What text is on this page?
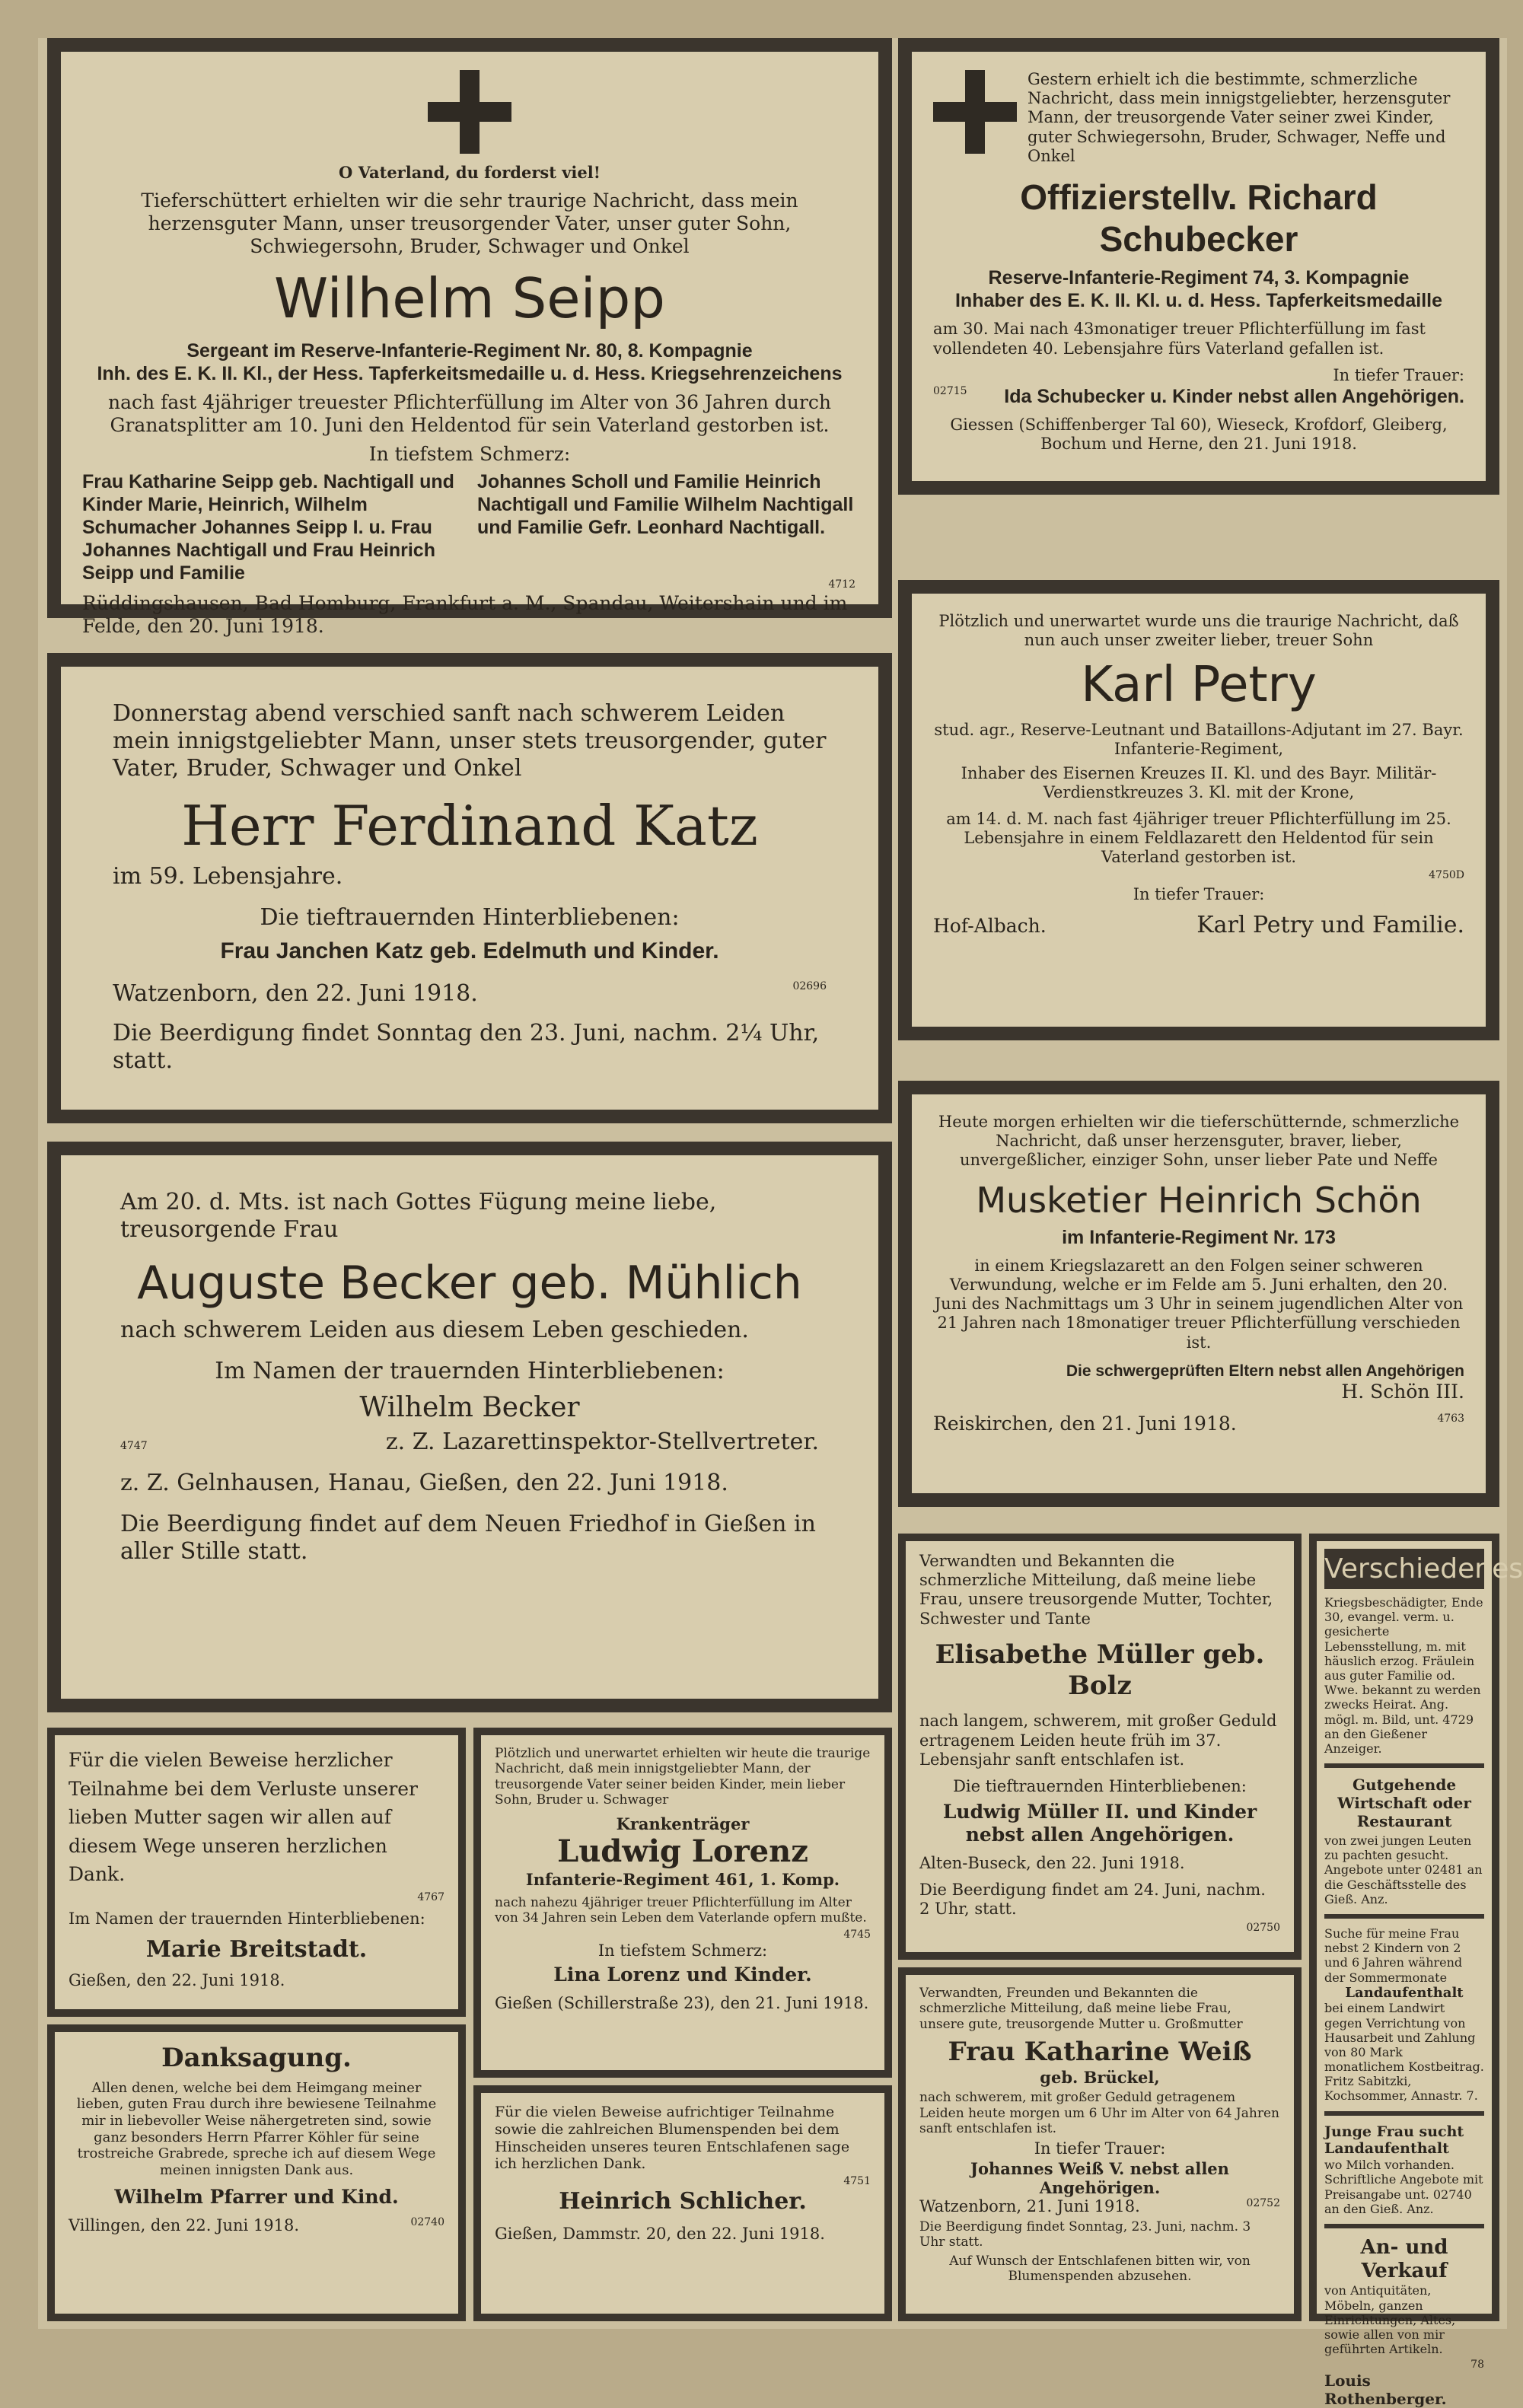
O Vaterland, du forderst viel!

Tieferschüttert erhielten wir die sehr traurige Nachricht, dass mein herzensguter Mann, unser treusorgender Vater, unser guter Sohn, Schwiegersohn, Bruder, Schwager und Onkel

Wilhelm Seipp

Sergeant im Reserve-Infanterie-Regiment Nr. 80, 8. Kompagnie

Inh. des E. K. II. Kl., der Hess. Tapferkeitsmedaille u. d. Hess. Kriegsehrenzeichens

nach fast 4jähriger treuester Pflichterfüllung im Alter von 36 Jahren durch Granatsplitter am 10. Juni den Heldentod für sein Vaterland gestorben ist.

In tiefstem Schmerz:

Frau Katharine Seipp geb. Nachtigall und Kinder Marie, Heinrich, Wilhelm Schumacher Johannes Seipp I. u. Frau Johannes Nachtigall und Frau Heinrich Seipp und Familie
Johannes Scholl und Familie Heinrich Nachtigall und Familie Wilhelm Nachtigall und Familie Gefr. Leonhard Nachtigall.

Rüddingshausen, Bad Homburg, Frankfurt a. M., Spandau, Weitershain und im Felde, den 20. Juni 1918.

4712

Gestern erhielt ich die bestimmte, schmerzliche Nachricht, dass mein innigstgeliebter, herzensguter Mann, der treusorgende Vater seiner zwei Kinder, guter Schwiegersohn, Bruder, Schwager, Neffe und Onkel

Offizierstellv. Richard Schubecker

Reserve-Infanterie-Regiment 74, 3. Kompagnie

Inhaber des E. K. II. Kl. u. d. Hess. Tapferkeitsmedaille

am 30. Mai nach 43monatiger treuer Pflichterfüllung im fast vollendeten 40. Lebensjahre fürs Vaterland gefallen ist.

In tiefer Trauer:

02715 Ida Schubecker u. Kinder nebst allen Angehörigen.

Giessen (Schiffenberger Tal 60), Wieseck, Krofdorf, Gleiberg, Bochum und Herne, den 21. Juni 1918.

Plötzlich und unerwartet wurde uns die traurige Nachricht, daß nun auch unser zweiter lieber, treuer Sohn

Karl Petry

stud. agr., Reserve-Leutnant und Bataillons-Adjutant im 27. Bayr. Infanterie-Regiment,

Inhaber des Eisernen Kreuzes II. Kl. und des Bayr. Militär-Verdienstkreuzes 3. Kl. mit der Krone,

am 14. d. M. nach fast 4jähriger treuer Pflichterfüllung im 25. Lebensjahre in einem Feldlazarett den Heldentod für sein Vaterland gestorben ist.

4750D

In tiefer Trauer:

Hof-Albach.	Karl Petry und Familie.

Donnerstag abend verschied sanft nach schwerem Leiden mein innigstgeliebter Mann, unser stets treusorgender, guter Vater, Bruder, Schwager und Onkel

Herr Ferdinand Katz

im 59. Lebensjahre.

Die tieftrauernden Hinterbliebenen:

Frau Janchen Katz geb. Edelmuth und Kinder.

Watzenborn, den 22. Juni 1918.	02696

Die Beerdigung findet Sonntag den 23. Juni, nachm. 2¼ Uhr, statt.

Heute morgen erhielten wir die tieferschütternde, schmerzliche Nachricht, daß unser herzensguter, braver, lieber, unvergeßlicher, einziger Sohn, unser lieber Pate und Neffe

Musketier Heinrich Schön

im Infanterie-Regiment Nr. 173

in einem Kriegslazarett an den Folgen seiner schweren Verwundung, welche er im Felde am 5. Juni erhalten, den 20. Juni des Nachmittags um 3 Uhr in seinem jugendlichen Alter von 21 Jahren nach 18monatiger treuer Pflichterfüllung verschieden ist.

Die schwergeprüften Eltern nebst allen Angehörigen

H. Schön III.

Reiskirchen, den 21. Juni 1918.	4763

Am 20. d. Mts. ist nach Gottes Fügung meine liebe, treusorgende Frau

Auguste Becker geb. Mühlich

nach schwerem Leiden aus diesem Leben geschieden.

Im Namen der trauernden Hinterbliebenen:

Wilhelm Becker

4747	z. Z. Lazarettinspektor-Stellvertreter.

z. Z. Gelnhausen, Hanau, Gießen, den 22. Juni 1918.

Die Beerdigung findet auf dem Neuen Friedhof in Gießen in aller Stille statt.	Verwandten und Bekannten die schmerzliche Mitteilung, daß meine liebe Frau, unsere treusorgende Mutter, Tochter, Schwester und Tante

Elisabethe Müller geb. Bolz

nach langem, schwerem, mit großer Geduld ertragenem Leiden heute früh im 37. Lebensjahr sanft entschlafen ist.

Die tieftrauernden Hinterbliebenen:

Ludwig Müller II. und Kinder nebst allen Angehörigen.

Alten-Buseck, den 22. Juni 1918.

Die Beerdigung findet am 24. Juni, nachm. 2 Uhr, statt.

02750
Verschiedenes

Kriegsbeschädigter, Ende 30, evangel. verm. u. gesicherte Lebensstellung, m. mit häuslich erzog. Fräulein aus guter Familie od. Wwe. bekannt zu werden zwecks Heirat. Ang. mögl. m. Bild, unt. 4729 an den Gießener Anzeiger.

Gutgehende Wirtschaft oder Restaurant

von zwei jungen Leuten zu pachten gesucht. Angebote unter 02481 an die Geschäftsstelle des Gieß. Anz.

Suche für meine Frau nebst 2 Kindern von 2 und 6 Jahren während der Sommermonate

Landaufenthalt

bei einem Landwirt gegen Verrichtung von Hausarbeit und Zahlung von 80 Mark monatlichem Kostbeitrag. Fritz Sabitzki, Kochsommer, Annastr. 7.

Junge Frau sucht Landaufenthalt

wo Milch vorhanden. Schriftliche Angebote mit Preisangabe unt. 02740 an den Gieß. Anz.

An- und Verkauf

von Antiquitäten, Möbeln, ganzen Einrichtungen, Altes, sowie allen von mir geführten Artikeln.

78

Louis Rothenberger.

Für die vielen Beweise herzlicher Teilnahme bei dem Verluste unserer lieben Mutter sagen wir allen auf diesem Wege unseren herzlichen Dank.

4767

Im Namen der trauernden Hinterbliebenen:

Marie Breitstadt.

Gießen, den 22. Juni 1918.

Plötzlich und unerwartet erhielten wir heute die traurige Nachricht, daß mein innigstgeliebter Mann, der treusorgende Vater seiner beiden Kinder, mein lieber Sohn, Bruder u. Schwager

Krankenträger

Ludwig Lorenz

Infanterie-Regiment 461, 1. Komp.

nach nahezu 4jähriger treuer Pflichterfüllung im Alter von 34 Jahren sein Leben dem Vaterlande opfern mußte.

4745

In tiefstem Schmerz:

Lina Lorenz und Kinder.

Gießen (Schillerstraße 23), den 21. Juni 1918.

Danksagung.

Allen denen, welche bei dem Heimgang meiner lieben, guten Frau durch ihre bewiesene Teilnahme mir in liebevoller Weise nähergetreten sind, sowie ganz besonders Herrn Pfarrer Köhler für seine trostreiche Grabrede, spreche ich auf diesem Wege meinen innigsten Dank aus.

Wilhelm Pfarrer und Kind.

Villingen, den 22. Juni 1918.	02740

Für die vielen Beweise aufrichtiger Teilnahme sowie die zahlreichen Blumenspenden bei dem Hinscheiden unseres teuren Entschlafenen sage ich herzlichen Dank.

4751

Heinrich Schlicher.

Gießen, Dammstr. 20, den 22. Juni 1918.

Verwandten, Freunden und Bekannten die schmerzliche Mitteilung, daß meine liebe Frau, unsere gute, treusorgende Mutter u. Großmutter

Frau Katharine Weiß

geb. Brückel,

nach schwerem, mit großer Geduld getragenem Leiden heute morgen um 6 Uhr im Alter von 64 Jahren sanft entschlafen ist.

In tiefer Trauer:

Johannes Weiß V. nebst allen Angehörigen.

Watzenborn, 21. Juni 1918.	02752

Die Beerdigung findet Sonntag, 23. Juni, nachm. 3 Uhr statt.

Auf Wunsch der Entschlafenen bitten wir, von Blumenspenden abzusehen.
